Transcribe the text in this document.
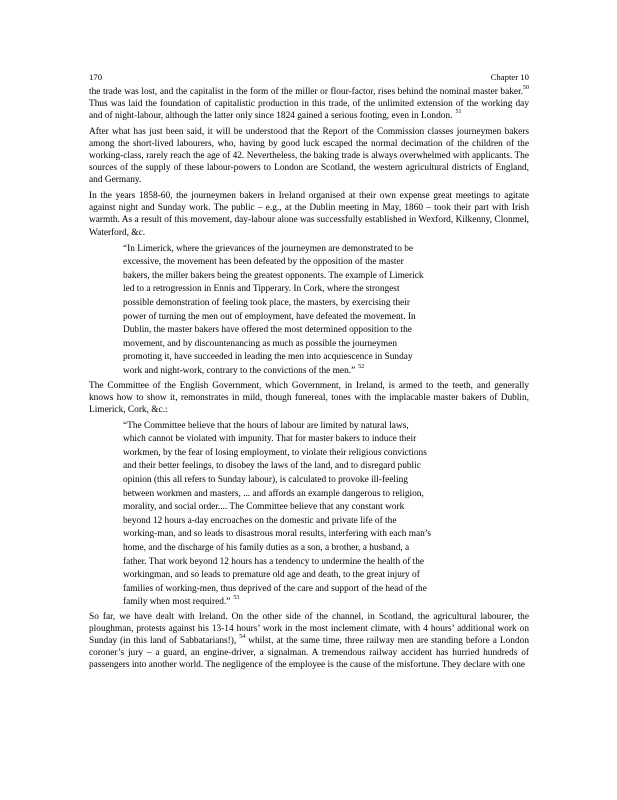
170	Chapter 10

the trade was lost, and the capitalist in the form of the miller or flour-factor, rises behind the nominal master baker.$^{50}$ Thus was laid the foundation of capitalistic production in this trade, of the unlimited extension of the working day and of night-labour, although the latter only since 1824 gained a serious footing, even in London. $^{51}$

After what has just been said, it will be understood that the Report of the Commission classes journeymen bakers among the short-lived labourers, who, having by good luck escaped the normal decimation of the children of the working-class, rarely reach the age of 42. Nevertheless, the baking trade is always overwhelmed with applicants. The sources of the supply of these labour-powers to London are Scotland, the western agricultural districts of England, and Germany.

In the years 1858-60, the journeymen bakers in Ireland organised at their own expense great meetings to agitate against night and Sunday work. The public – e.g., at the Dublin meeting in May, 1860 – took their part with Irish warmth. As a result of this movement, day-labour alone was successfully established in Wexford, Kilkenny, Clonmel, Waterford, &c.

“In Limerick, where the grievances of the journeymen are demonstrated to be
excessive, the movement has been defeated by the opposition of the master
bakers, the miller bakers being the greatest opponents. The example of Limerick
led to a retrogression in Ennis and Tipperary. In Cork, where the strongest
possible demonstration of feeling took place, the masters, by exercising their
power of turning the men out of employment, have defeated the movement. In
Dublin, the master bakers have offered the most determined opposition to the
movement, and by discountenancing as much as possible the journeymen
promoting it, have succeeded in leading the men into acquiescence in Sunday
work and night-work, contrary to the convictions of the men.” $^{52}$

The Committee of the English Government, which Government, in Ireland, is armed to the teeth, and generally knows how to show it, remonstrates in mild, though funereal, tones with the implacable master bakers of Dublin, Limerick, Cork, &c.:

“The Committee believe that the hours of labour are limited by natural laws,
which cannot be violated with impunity. That for master bakers to induce their
workmen, by the fear of losing employment, to violate their religious convictions
and their better feelings, to disobey the laws of the land, and to disregard public
opinion (this all refers to Sunday labour), is calculated to provoke ill-feeling
between workmen and masters, ... and affords an example dangerous to religion,
morality, and social order.... The Committee believe that any constant work
beyond 12 hours a-day encroaches on the domestic and private life of the
working-man, and so leads to disastrous moral results, interfering with each man’s
home, and the discharge of his family duties as a son, a brother, a husband, a
father. That work beyond 12 hours has a tendency to undermine the health of the
workingman, and so leads to premature old age and death, to the great injury of
families of working-men, thus deprived of the care and support of the head of the
family when most required.” $^{53}$

So far, we have dealt with Ireland. On the other side of the channel, in Scotland, the agricultural labourer, the ploughman, protests against his 13-14 hours’ work in the most inclement climate, with 4 hours’ additional work on Sunday (in this land of Sabbatarians!), $^{54}$ whilst, at the same time, three railway men are standing before a London coroner’s jury – a guard, an engine-driver, a signalman. A tremendous railway accident has hurried hundreds of passengers into another world. The negligence of the employee is the cause of the misfortune. They declare with one
